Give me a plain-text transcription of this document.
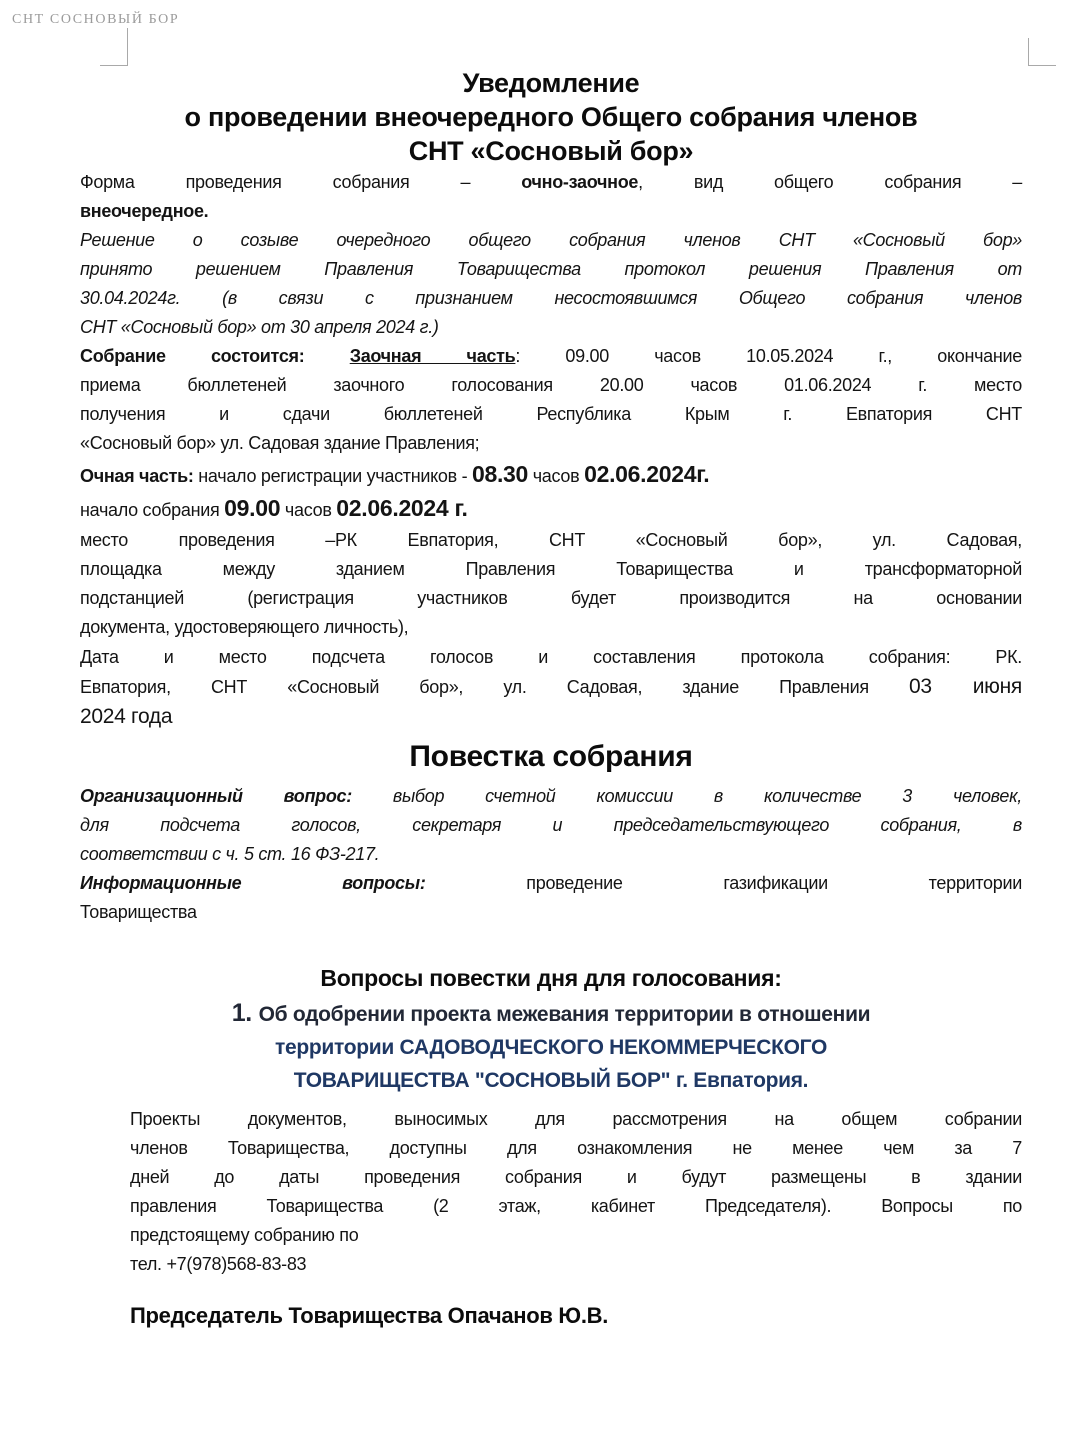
СНТ СОСНОВЫЙ БОР
Уведомление
о проведении внеочередного Общего собрания членов
СНТ «Сосновый бор»
Форма проведения собрания – очно-заочное, вид общего собрания –
внеочередное.
Решение о созыве очередного общего собрания членов СНТ «Сосновый бор»
принято решением Правления Товарищества протокол решения Правления от
30.04.2024г. (в связи с признанием несостоявшимся Общего собрания членов
СНТ «Сосновый бор» от 30 апреля 2024 г.)
Собрание состоится: Заочная часть: 09.00 часов 10.05.2024 г., окончание
приема бюллетеней заочного голосования 20.00 часов 01.06.2024 г. место
получения и сдачи бюллетеней Республика Крым г. Евпатория СНТ
«Сосновый бор» ул. Садовая здание Правления;
Очная часть: начало регистрации участников - 08.30 часов 02.06.2024г.
начало собрания 09.00 часов 02.06.2024 г.
место проведения –РК Евпатория, СНТ «Сосновый бор», ул. Садовая,
площадка между зданием Правления Товарищества и трансформаторной
подстанцией (регистрация участников будет производится на основании
документа, удостоверяющего личность),
Дата и место подсчета голосов и составления протокола собрания: РК.
Евпатория, СНТ «Сосновый бор», ул. Садовая, здание Правления 03 июня
2024 года
Повестка собрания
Организационный вопрос: выбор счетной комиссии в количестве 3 человек,
для подсчета голосов, секретаря и председательствующего собрания, в
соответствии с ч. 5 ст. 16 ФЗ-217.
Информационные вопросы: проведение газификации территории
Товарищества
Вопросы повестки дня для голосования:
1. Об одобрении проекта межевания территории в отношении
территории САДОВОДЧЕСКОГО НЕКОММЕРЧЕСКОГО
ТОВАРИЩЕСТВА "СОСНОВЫЙ БОР" г. Евпатория.
Проекты документов, выносимых для рассмотрения на общем собрании
членов Товарищества, доступны для ознакомления не менее чем за 7
дней до даты проведения собрания и будут размещены в здании
правления Товарищества (2 этаж, кабинет Председателя). Вопросы по
предстоящему собранию по
тел. +7(978)568-83-83
Председатель Товарищества Опачанов Ю.В.
